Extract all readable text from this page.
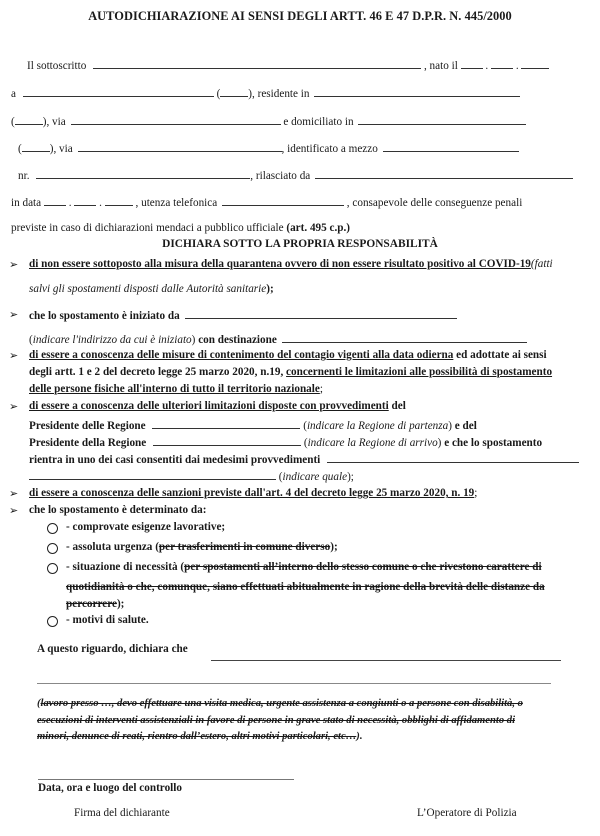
AUTODICHIARAZIONE AI SENSI DEGLI ARTT. 46 E 47 D.P.R. N. 445/2000
Il sottoscritto	, nato il . .
a	(	), residente in
(	), via	e domiciliato in
(	), via	, identificato a mezzo
nr.	, rilasciato da
in data . .	, utenza telefonica	, consapevole delle conseguenze penali
previste in caso di dichiarazioni mendaci a pubblico ufficiale (art. 495 c.p.)
DICHIARA SOTTO LA PROPRIA RESPONSABILITÀ
➢ di non essere sottoposto alla misura della quarantena ovvero di non essere risultato positivo al COVID-19(fatti
salvi gli spostamenti disposti dalle Autorità sanitarie);
➢ che lo spostamento è iniziato da
(indicare l'indirizzo da cui è iniziato) con destinazione
➢ di essere a conoscenza delle misure di contenimento del contagio vigenti alla data odierna ed adottate ai sensi
degli artt. 1 e 2 del decreto legge 25 marzo 2020, n.19, concernenti le limitazioni alle possibilità di spostamento
delle persone fisiche all'interno di tutto il territorio nazionale;
➢ di essere a conoscenza delle ulteriori limitazioni disposte con provvedimenti del
Presidente delle Regione	(indicare la Regione di partenza) e del
Presidente della Regione	(indicare la Regione di arrivo) e che lo spostamento
rientra in uno dei casi consentiti dai medesimi provvedimenti
(indicare quale);
➢ di essere a conoscenza delle sanzioni previste dall'art. 4 del decreto legge 25 marzo 2020, n. 19;
➢ che lo spostamento è determinato da:
- comprovate esigenze lavorative;
- assoluta urgenza (per trasferimenti in comune diverso);
- situazione di necessità (per spostamenti all’interno dello stesso comune o che rivestono carattere di
quotidianità o che, comunque, siano effettuati abitualmente in ragione della brevità delle distanze da
percorrere);
- motivi di salute.
A questo riguardo, dichiara che
(lavoro presso …, devo effettuare una visita medica, urgente assistenza a congiunti o a persone con disabilità, o
esecuzioni di interventi assistenziali in favore di persone in grave stato di necessità, obblighi di affidamento di
minori, denunce di reati, rientro dall’estero, altri motivi particolari, etc…).
Data, ora e luogo del controllo
Firma del dichiarante	L’Operatore di Polizia
